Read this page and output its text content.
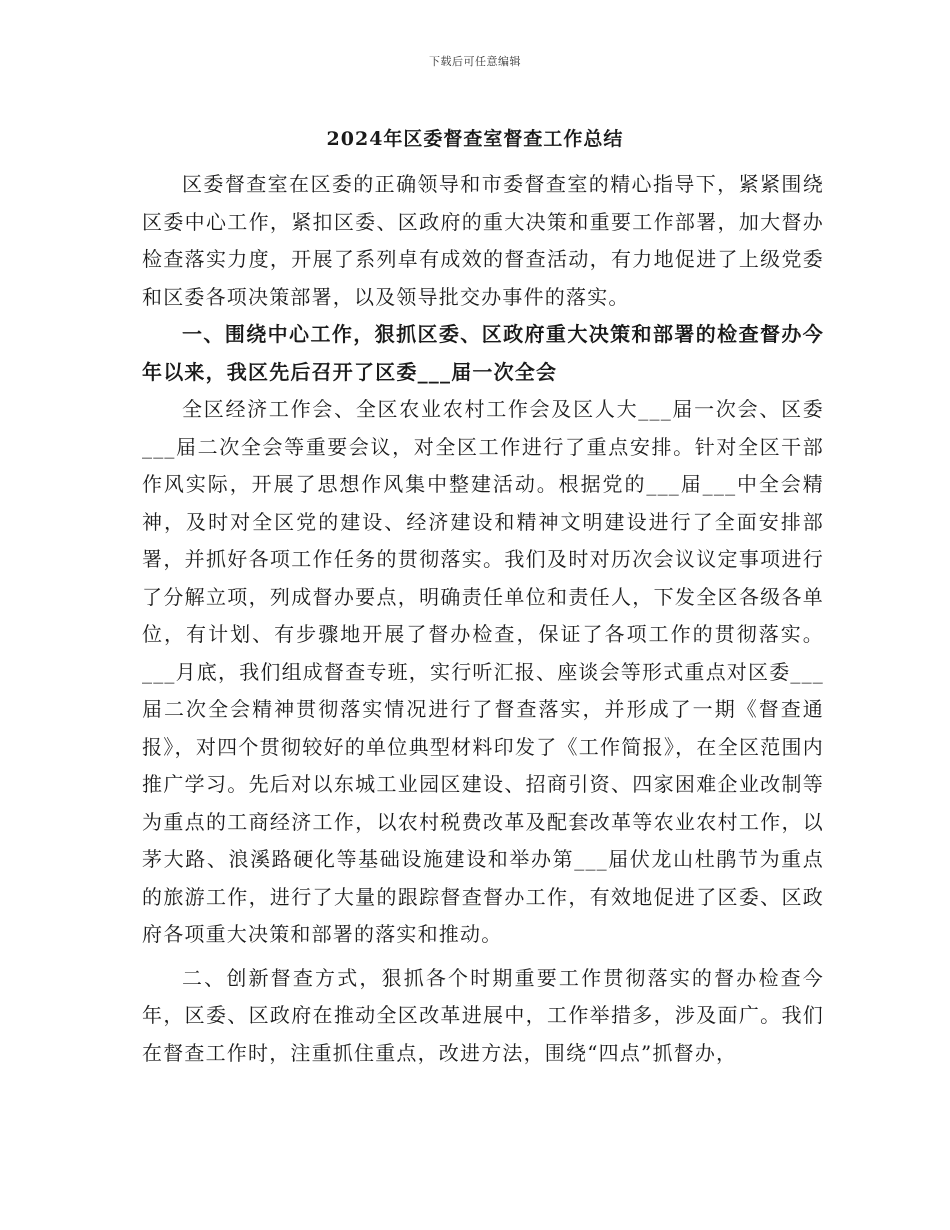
下载后可任意编辑
2024年区委督查室督查工作总结

区委督查室在区委的正确领导和市委督查室的精心指导下，紧紧围绕区委中心工作，紧扣区委、区政府的重大决策和重要工作部署，加大督办检查落实力度，开展了系列卓有成效的督查活动，有力地促进了上级党委和区委各项决策部署，以及领导批交办事件的落实。

一、围绕中心工作，狠抓区委、区政府重大决策和部署的检查督办今年以来，我区先后召开了区委___届一次全会

全区经济工作会、全区农业农村工作会及区人大___届一次会、区委___届二次全会等重要会议，对全区工作进行了重点安排。针对全区干部作风实际，开展了思想作风集中整建活动。根据党的___届___中全会精神，及时对全区党的建设、经济建设和精神文明建设进行了全面安排部署，并抓好各项工作任务的贯彻落实。我们及时对历次会议议定事项进行了分解立项，列成督办要点，明确责任单位和责任人，下发全区各级各单位，有计划、有步骤地开展了督办检查，保证了各项工作的贯彻落实。___月底，我们组成督查专班，实行听汇报、座谈会等形式重点对区委___届二次全会精神贯彻落实情况进行了督查落实，并形成了一期《督查通报》，对四个贯彻较好的单位典型材料印发了《工作简报》，在全区范围内推广学习。先后对以东城工业园区建设、招商引资、四家困难企业改制等为重点的工商经济工作，以农村税费改革及配套改革等农业农村工作，以茅大路、浪溪路硬化等基础设施建设和举办第___届伏龙山杜鹃节为重点的旅游工作，进行了大量的跟踪督查督办工作，有效地促进了区委、区政府各项重大决策和部署的落实和推动。

二、创新督查方式，狠抓各个时期重要工作贯彻落实的督办检查今年，区委、区政府在推动全区改革进展中，工作举措多，涉及面广。我们在督查工作时，注重抓住重点，改进方法，围绕“四点”抓督办，
